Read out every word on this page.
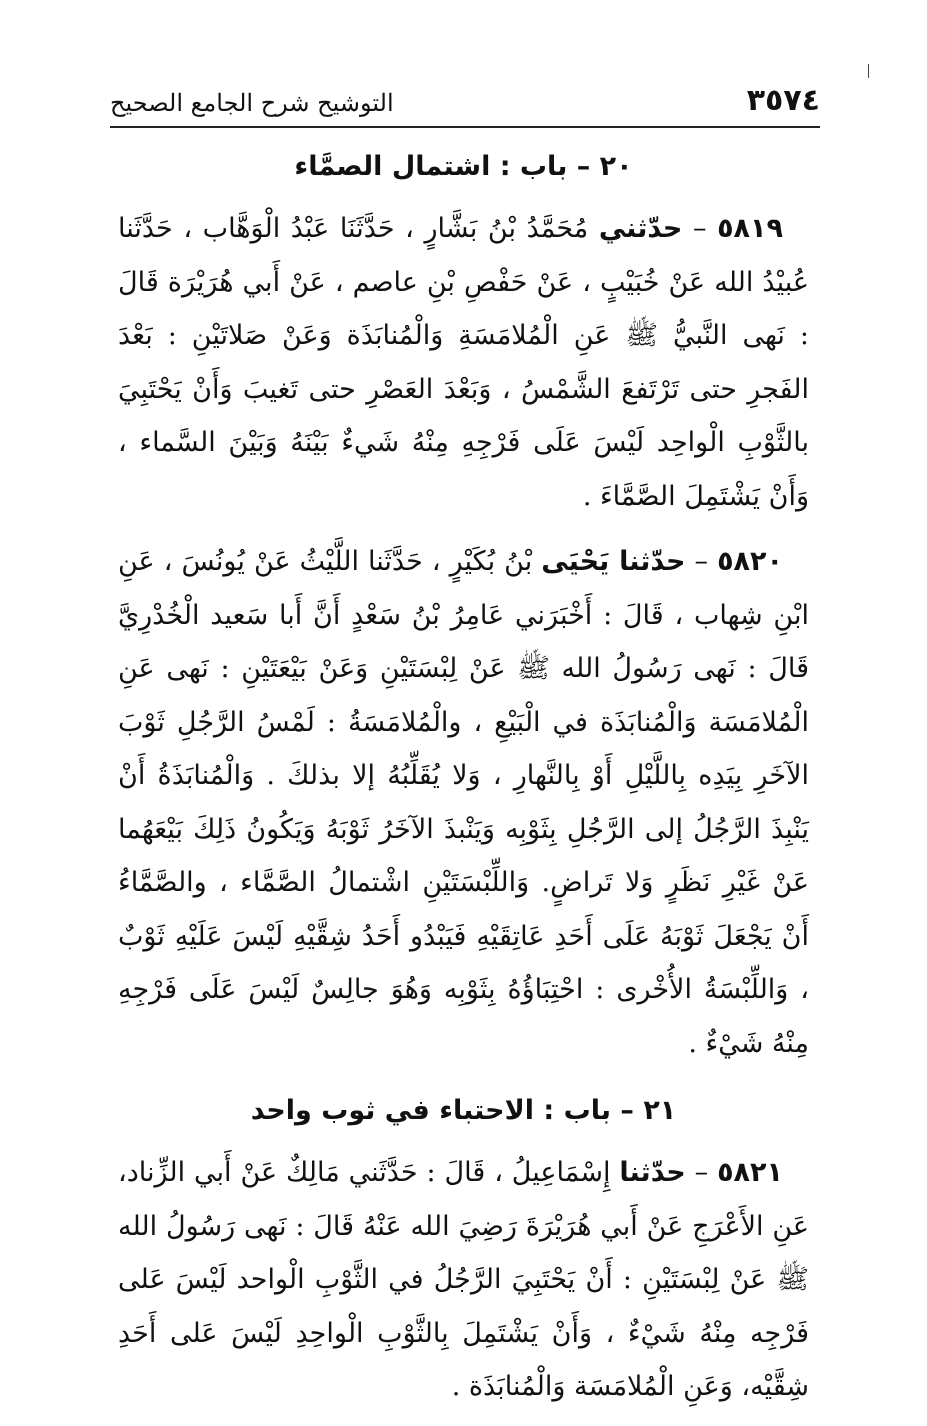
٣٥٧٤
التوشيح شرح الجامع الصحيح
٢٠ – باب : اشتمال الصمَّاء

٥٨١٩ – حدّثني مُحَمَّدُ بْنُ بَشَّارٍ ، حَدَّثَنَا عَبْدُ الْوَهَّاب ، حَدَّثَنا عُبيْدُ الله عَنْ خُبَيْبٍ ، عَنْ حَفْصِ بْنِ عاصم ، عَنْ أَبي هُرَيْرَة قَالَ : نَهى النَّبيُّ ﷺ عَنِ الْمُلامَسَةِ وَالْمُنابَذَة وَعَنْ صَلاتَيْنِ : بَعْدَ الفَجرِ حتى تَرْتَفعَ الشَّمْسُ ، وَبَعْدَ العَصْرِ حتى تَغيبَ وَأَنْ يَحْتَبِيَ بالثَّوْبِ الْواحِد لَيْسَ عَلَى فَرْجِهِ مِنْهُ شَيءٌ بَيْنَهُ وَبَيْنَ السَّماء ، وَأَنْ يَشْتَمِلَ الصَّمَّاءَ .

٥٨٢٠ – حدّثنا يَحْيَى بْنُ بُكَيْرٍ ، حَدَّثَنا اللَّيْثُ عَنْ يُونُسَ ، عَنِ ابْنِ شِهاب ، قَالَ : أَخْبَرَني عَامِرُ بْنُ سَعْدٍ أَنَّ أَبا سَعيد الْخُدْرِيَّ قَالَ : نَهى رَسُولُ الله ﷺ عَنْ لِبْسَتَيْنِ وَعَنْ بَيْعَتَيْنِ : نَهى عَنِ الْمُلامَسَة وَالْمُنابَذَة في الْبَيْعِ ، والْمُلامَسَةُ : لَمْسُ الرَّجُلِ ثَوْبَ الآخَرِ بِيَدِه بِاللَّيْلِ أَوْ بِالنَّهارِ ، وَلا يُقَلِّبُهُ إلا بذلكَ . وَالْمُنابَذَةُ أَنْ يَنْبِذَ الرَّجُلُ إلى الرَّجُلِ بِثَوْبِه وَيَنْبذَ الآخَرُ ثَوْبَهُ وَيَكُونُ ذَلِكَ بَيْعَهُما عَنْ غَيْرِ نَظَرٍ وَلا تَراضٍ. وَاللِّبْسَتَيْنِ اشْتمالُ الصَّمَّاء ، والصَّمَّاءُ أَنْ يَجْعَلَ ثَوْبَهُ عَلَى أَحَدِ عَاتِقَيْهِ فَيَبْدُو أَحَدُ شِقَّيْهِ لَيْسَ عَلَيْهِ ثَوْبٌ ، وَاللِّبْسَةُ الأُخْرى : احْتِبَاؤُهُ بِثَوْبِه وَهُوَ جالِسٌ لَيْسَ عَلَى فَرْجِهِ مِنْهُ شَيْءٌ .

٢١ – باب : الاحتباء في ثوب واحد

٥٨٢١ – حدّثنا إِسْمَاعِيلُ ، قَالَ : حَدَّثَني مَالِكٌ عَنْ أَبي الزِّناد، عَنِ الأَعْرَجِ عَنْ أَبي هُرَيْرَةَ رَضِيَ الله عَنْهُ قَالَ : نَهى رَسُولُ الله ﷺ عَنْ لِبْسَتَيْنِ : أَنْ يَحْتَبِيَ الرَّجُلُ في الثَّوْبِ الْواحد لَيْسَ عَلى فَرْجِه مِنْهُ شَيْءٌ ، وَأَنْ يَشْتَمِلَ بِالثَّوْبِ الْواحِدِ لَيْسَ عَلى أَحَدِ شِقَّيْه، وَعَنِ الْمُلامَسَة وَالْمُنابَذَة .
